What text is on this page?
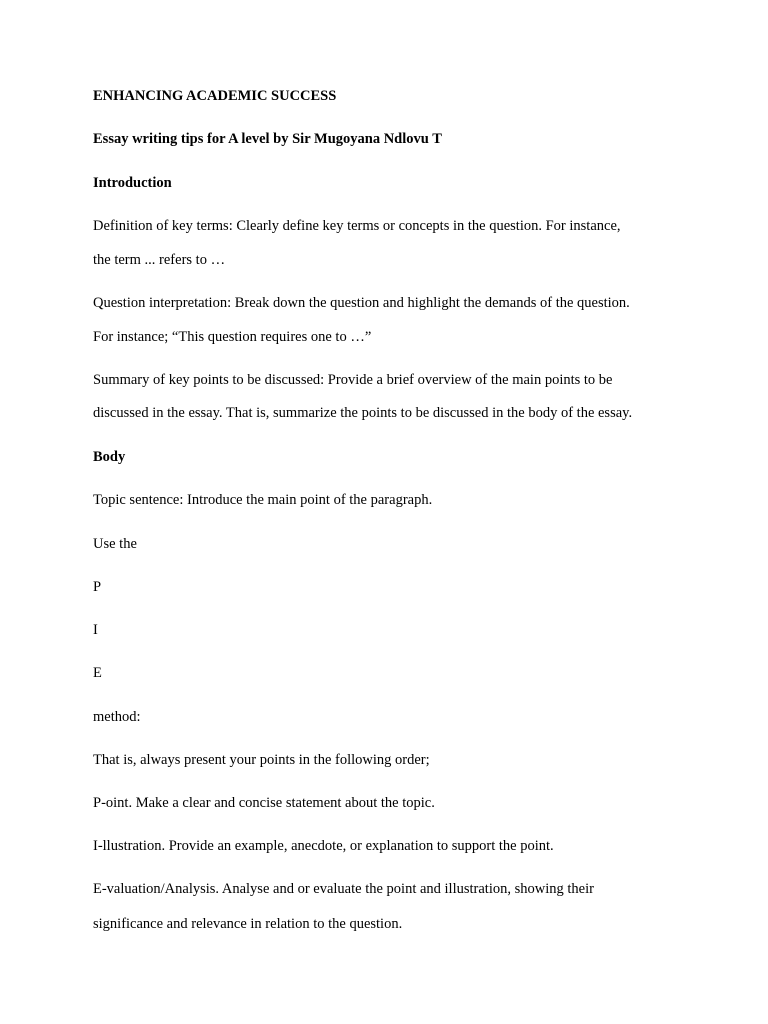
ENHANCING ACADEMIC SUCCESS
Essay writing tips for A level by Sir Mugoyana Ndlovu T
Introduction
Definition of key terms: Clearly define key terms or concepts in the question. For instance,
the term ... refers to …
Question interpretation: Break down the question and highlight the demands of the question.
For instance; “This question requires one to …”
Summary of key points to be discussed: Provide a brief overview of the main points to be
discussed in the essay. That is, summarize the points to be discussed in the body of the essay.
Body
Topic sentence: Introduce the main point of the paragraph.
Use the
P
I
E
method:
That is, always present your points in the following order;
P-oint. Make a clear and concise statement about the topic.
I-llustration. Provide an example, anecdote, or explanation to support the point.
E-valuation/Analysis. Analyse and or evaluate the point and illustration, showing their
significance and relevance in relation to the question.
